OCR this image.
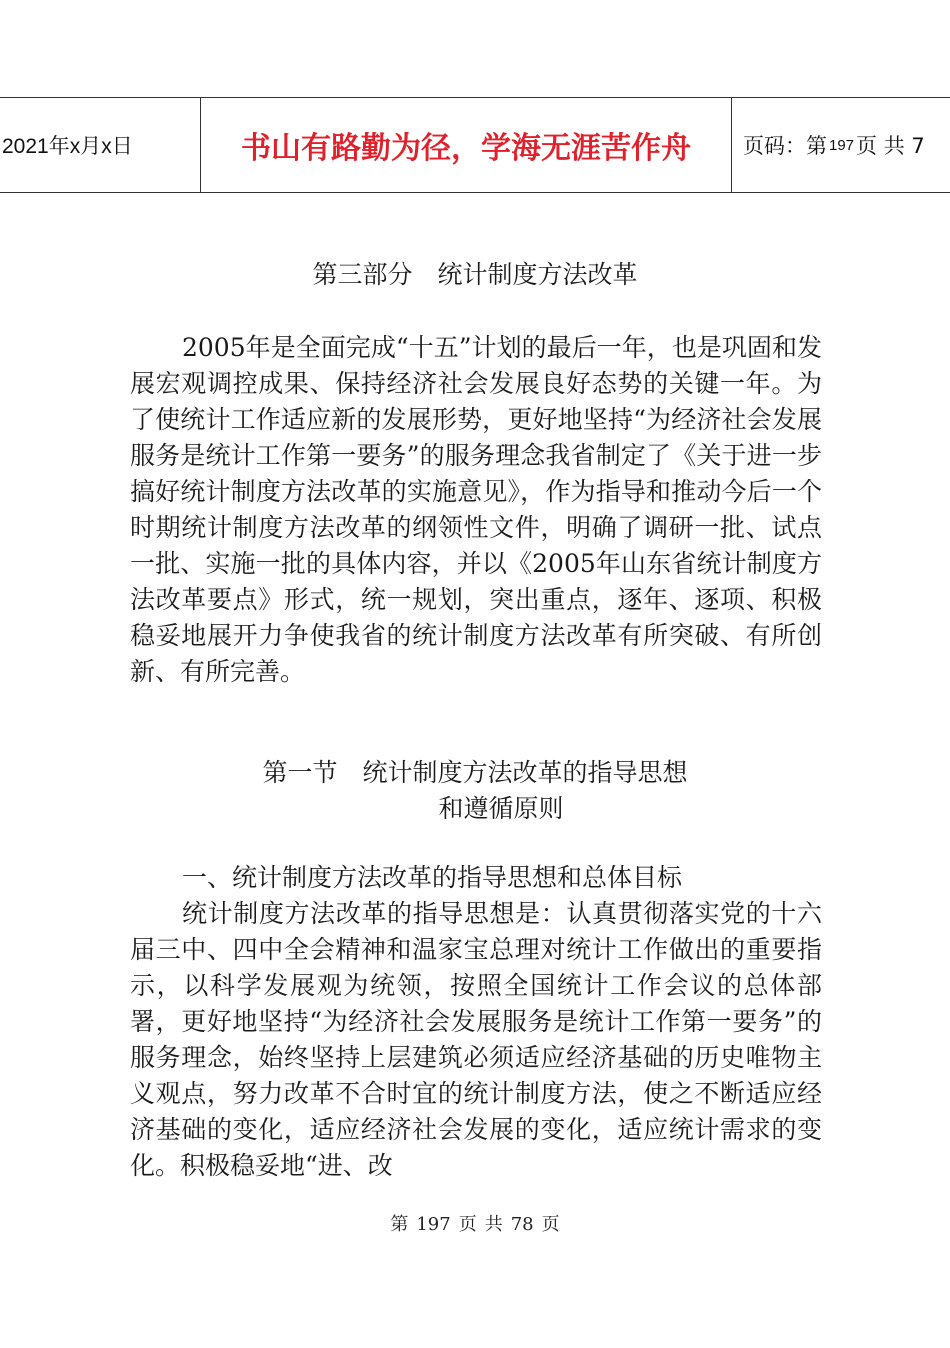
2021年x月x日	书山有路勤为径，学海无涯苦作舟	页码：第 197 页 共 7
第三部分　统计制度方法改革

2005年是全面完成“十五”计划的最后一年，也是巩固和发展宏观调控成果、保持经济社会发展良好态势的关键一年。为了使统计工作适应新的发展形势，更好地坚持“为经济社会发展服务是统计工作第一要务”的服务理念我省制定了《关于进一步搞好统计制度方法改革的实施意见》，作为指导和推动今后一个时期统计制度方法改革的纲领性文件，明确了调研一批、试点一批、实施一批的具体内容，并以《2005年山东省统计制度方法改革要点》形式，统一规划，突出重点，逐年、逐项、积极稳妥地展开力争使我省的统计制度方法改革有所突破、有所创新、有所完善。

第一节　统计制度方法改革的指导思想
和遵循原则
一、统计制度方法改革的指导思想和总体目标

统计制度方法改革的指导思想是：认真贯彻落实党的十六届三中、四中全会精神和温家宝总理对统计工作做出的重要指示，以科学发展观为统领，按照全国统计工作会议的总体部署，更好地坚持“为经济社会发展服务是统计工作第一要务”的服务理念，始终坚持上层建筑必须适应经济基础的历史唯物主义观点，努力改革不合时宜的统计制度方法，使之不断适应经济基础的变化，适应经济社会发展的变化，适应统计需求的变化。积极稳妥地“进、改

第 197 页 共 78 页
